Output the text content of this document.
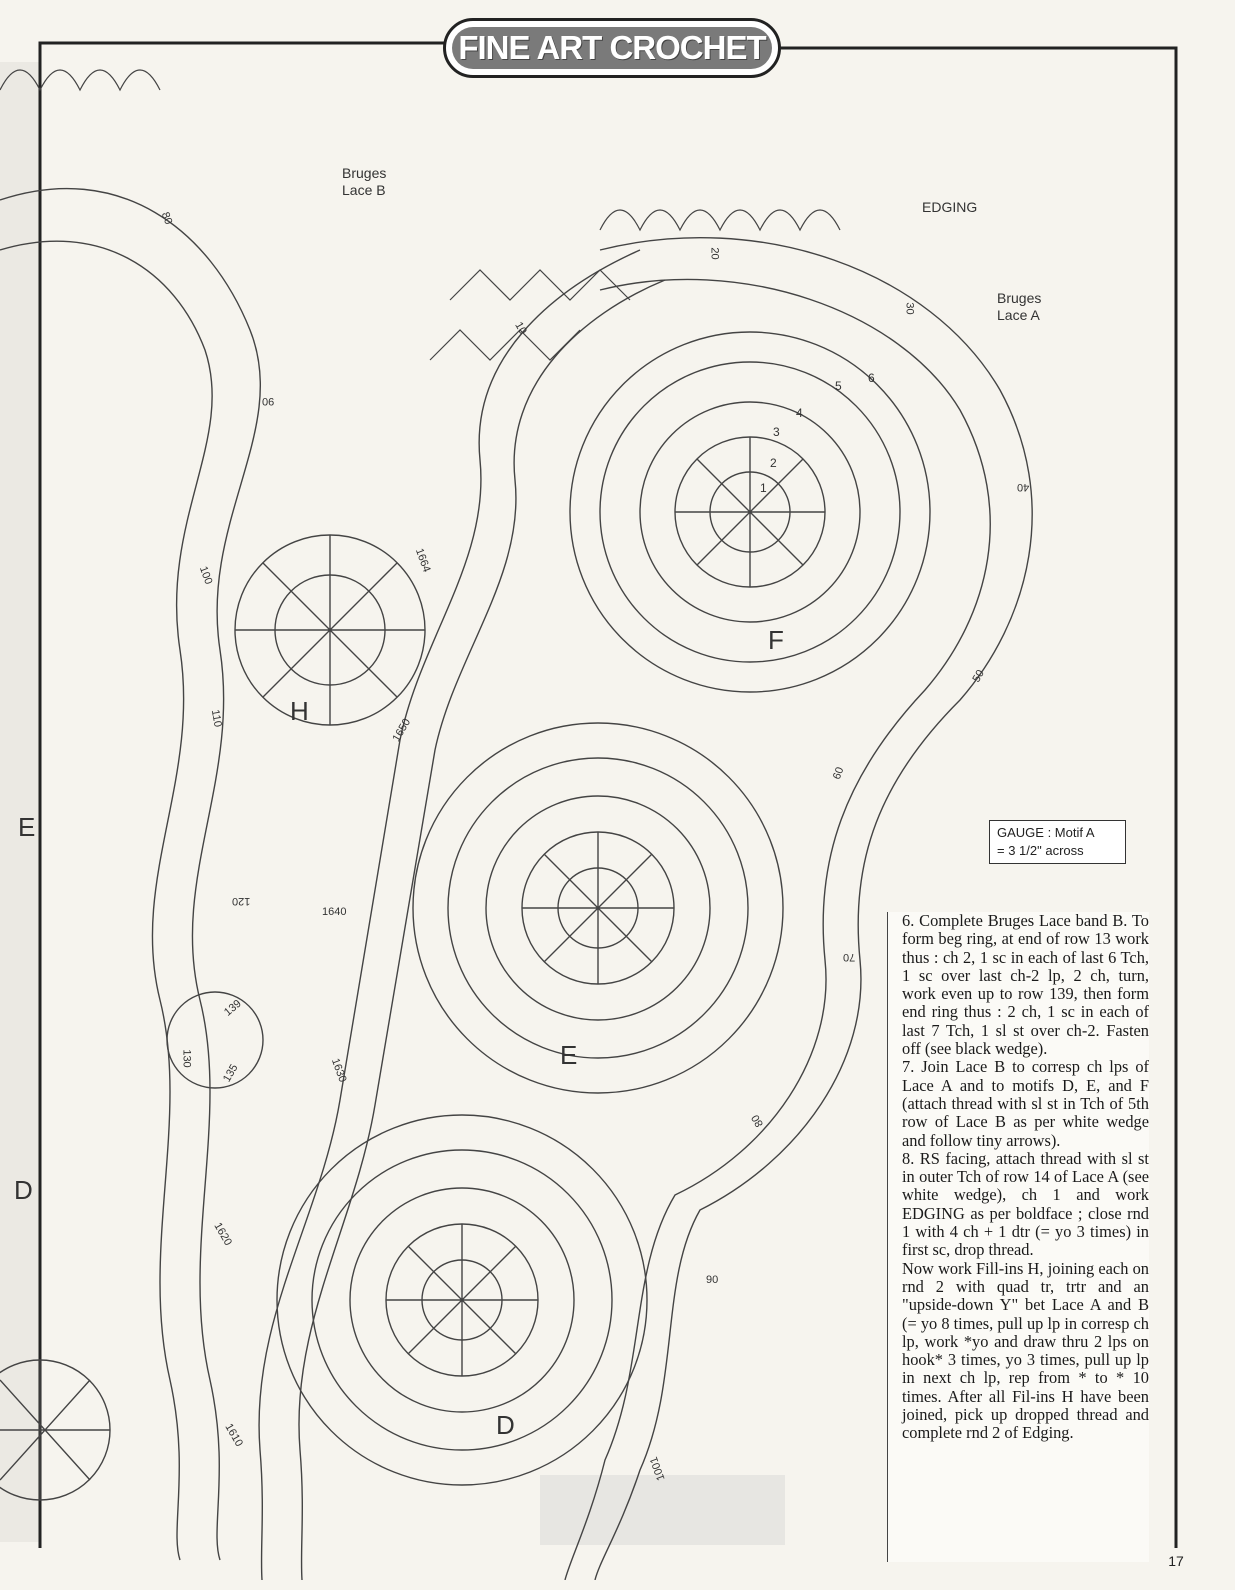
FINE ART CROCHET
Bruges
Lace B
Bruges
Lace A
EDGING
F
H
E
E
D
D
80
90
100
110
120
130
135
139
20
30
40
50
60
70
80
90
1001
1610
1620
1630
1640
1650
1664
10
1
2
3
4
5
6
GAUGE : Motif A
= 3 1/2" across

6. Complete Bruges Lace band B. To form beg ring, at end of row 13 work thus : ch 2, 1 sc in each of last 6 Tch, 1 sc over last ch-2 lp, 2 ch, turn, work even up to row 139, then form end ring thus : 2 ch, 1 sc in each of last 7 Tch, 1 sl st over ch-2. Fasten off (see black wedge).

7. Join Lace B to corresp ch lps of Lace A and to motifs D, E, and F (attach thread with sl st in Tch of 5th row of Lace B as per white wedge and follow tiny arrows).

8. RS facing, attach thread with sl st in outer Tch of row 14 of Lace A (see white wedge), ch 1 and work EDGING as per boldface ; close rnd 1 with 4 ch + 1 dtr (= yo 3 times) in first sc, drop thread.

Now work Fill-ins H, joining each on rnd 2 with quad tr, trtr and an "upside-down Y" bet Lace A and B (= yo 8 times, pull up lp in corresp ch lp, work *yo and draw thru 2 lps on hook* 3 times, yo 3 times, pull up lp in next ch lp, rep from * to * 10 times. After all Fil-ins H have been joined, pick up dropped thread and complete rnd 2 of Edging.

17
